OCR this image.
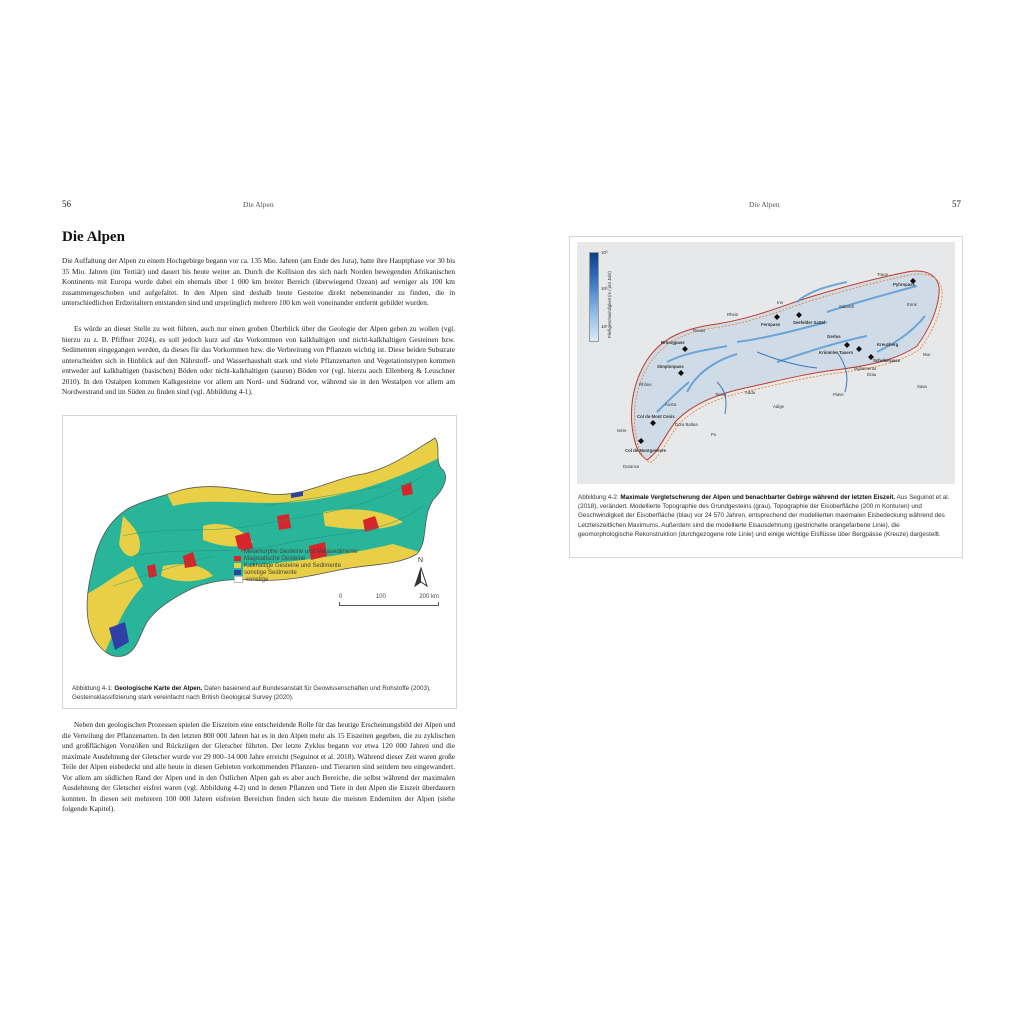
56	Die Alpen
Die Alpen

Die Auffaltung der Alpen zu einem Hochgebirge begann vor ca. 135 Mio. Jahren (am Ende des Jura), hatte ihre Hauptphase vor 30 bis 35 Mio. Jahren (im Tertiär) und dauert bis heute weiter an. Durch die Kollision des sich nach Norden bewegenden Afrikanischen Kontinents mit Europa wurde dabei ein ehemals über 1 000 km breiter Bereich (überwiegend Ozean) auf weniger als 100 km zusammengeschoben und aufgefaltet. In den Alpen sind deshalb heute Gesteine direkt nebeneinander zu finden, die in unterschiedlichen Erdzeitaltern entstanden sind und ursprünglich mehrere 100 km weit voneinander entfernt gebildet wurden.

Es würde an dieser Stelle zu weit führen, auch nur einen groben Überblick über die Geologie der Alpen geben zu wollen (vgl. hierzu zu z. B. Pfiffner 2024), es soll jedoch kurz auf das Vorkommen von kalkhaltigen und nicht-kalkhaltigen Gesteinen bzw. Sedimenten eingegangen werden, da dieses für das Vorkommen bzw. die Verbreitung von Pflanzen wichtig ist. Diese beiden Substrate unterscheiden sich in Hinblick auf den Nährstoff- und Wasserhaushalt stark und viele Pflanzenarten und Vegetationstypen kommen entweder auf kalkhaltigen (basischen) Böden oder nicht-kalkhaltigen (sauren) Böden vor (vgl. hierzu auch Ellenberg & Leuschner 2010). In den Ostalpen kommen Kalkgesteine vor allem am Nord- und Südrand vor, während sie in den Westalpen vor allem am Nordwestrand und im Süden zu finden sind (vgl. Abbildung 4-1).

Metamorphe Gesteine und Metasedimente
Magmatische Gesteine
Kalkhaltige Gesteine und Sedimente
sonstige Sedimente
sonstige
N
0	100	200 km
Abbildung 4-1: Geologische Karte der Alpen. Daten basierend auf Bundesanstalt für Geowissenschaften und Rohstoffe (2003), Gesteinsklassifizierung stark vereinfacht nach British Geological Survey (2020).

Neben den geologischen Prozessen spielen die Eiszeiten eine entscheidende Rolle für das heutige Erscheinungsbild der Alpen und die Verteilung der Pflanzenarten. In den letzten 800 000 Jahren hat es in den Alpen mehr als 15 Eiszeiten gegeben, die zu zyklischen und großflächigen Vorstößen und Rückzügen der Gletscher führten. Der letzte Zyklus begann vor etwa 120 000 Jahren und die maximale Ausdehnung der Gletscher wurde vor 29 000–14 000 Jahre erreicht (Seguinot et al. 2018). Während dieser Zeit waren große Teile der Alpen eisbedeckt und alle heute in diesen Gebieten vorkommenden Pflanzen- und Tierarten sind seitdem neu eingewandert. Vor allem am südlichen Rand der Alpen und in den Östlichen Alpen gab es aber auch Bereiche, die selbst während der maximalen Ausdehnung der Gletscher eisfrei waren (vgl. Abbildung 4-2) und in denen Pflanzen und Tiere in den Alpen die Eiszeit überdauern konnten. In diesen seit mehreren 100 000 Jahren eisfreien Bereichen finden sich heute die meisten Endemiten der Alpen (siehe folgende Kapitel).

Die Alpen	57
10³
10²
10¹ Fließgeschwindigkeit (m / pro Jahr)
Brünigpass
Simplonpass
Col du Mont Cenis
Col de Montgenèvre
Fernpass	Seefelder Sattel
Gerlos
Krimmler Tauern
Kreuzberg
Pyhrnpass
Schoberpass
Rhein
Ticino	Adda
Adige
Piave
Aosta
Inn
Traun
Enns
Drau
Isère
Durance
Mur
Tagliamento
Sava
Dora Baltea
Rhône
Reuss
Po
Salzach
Abbildung 4-2: Maximale Vergletscherung der Alpen und benachbarter Gebirge während der letzten Eiszeit. Aus Seguinot et al. (2018), verändert. Modellierte Topographie des Grundgesteins (grau), Topographie der Eisoberfläche (200 m Konturen) und Geschwindigkeit der Eisoberfläche (blau) vor 24 570 Jahren, entsprechend der modellierten maximalen Eisbedeckung während des Letzteiszeitlichen Maximums. Außerdem sind die modellierte Eisausdehnung (gestrichelte orangefarbene Linie), die geomorphologische Rekonstruktion (durchgezogene rote Linie) und einige wichtige Eisflüsse über Bergpässe (Kreuze) dargestellt.
